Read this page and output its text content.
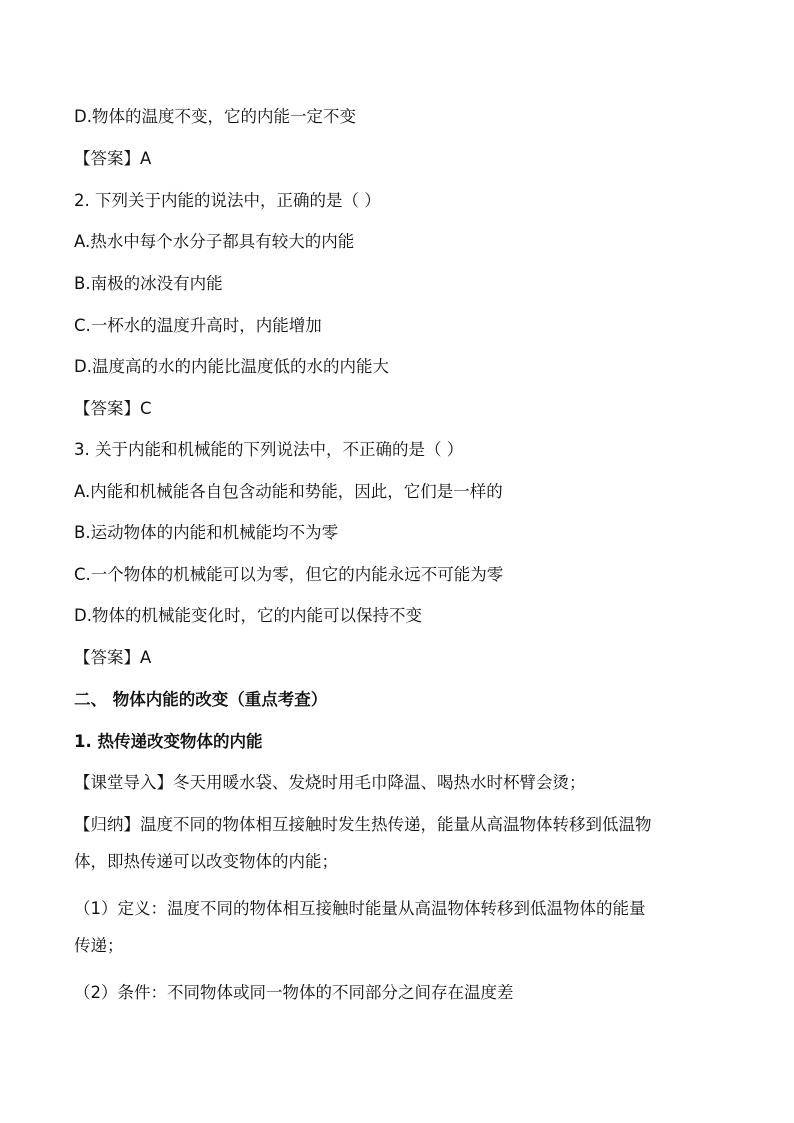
D.物体的温度不变，它的内能一定不变
【答案】A
2. 下列关于内能的说法中，正确的是（ ）
A.热水中每个水分子都具有较大的内能
B.南极的冰没有内能
C.一杯水的温度升高时，内能增加
D.温度高的水的内能比温度低的水的内能大
【答案】C
3. 关于内能和机械能的下列说法中，不正确的是（ ）
A.内能和机械能各自包含动能和势能，因此，它们是一样的
B.运动物体的内能和机械能均不为零
C.一个物体的机械能可以为零，但它的内能永远不可能为零
D.物体的机械能变化时，它的内能可以保持不变
【答案】A
二、 物体内能的改变（重点考查）
1. 热传递改变物体的内能
【课堂导入】冬天用暖水袋、发烧时用毛巾降温、喝热水时杯臂会烫；
【归纳】温度不同的物体相互接触时发生热传递，能量从高温物体转移到低温物
体，即热传递可以改变物体的内能；
（1）定义：温度不同的物体相互接触时能量从高温物体转移到低温物体的能量
传递；
（2）条件：不同物体或同一物体的不同部分之间存在温度差
